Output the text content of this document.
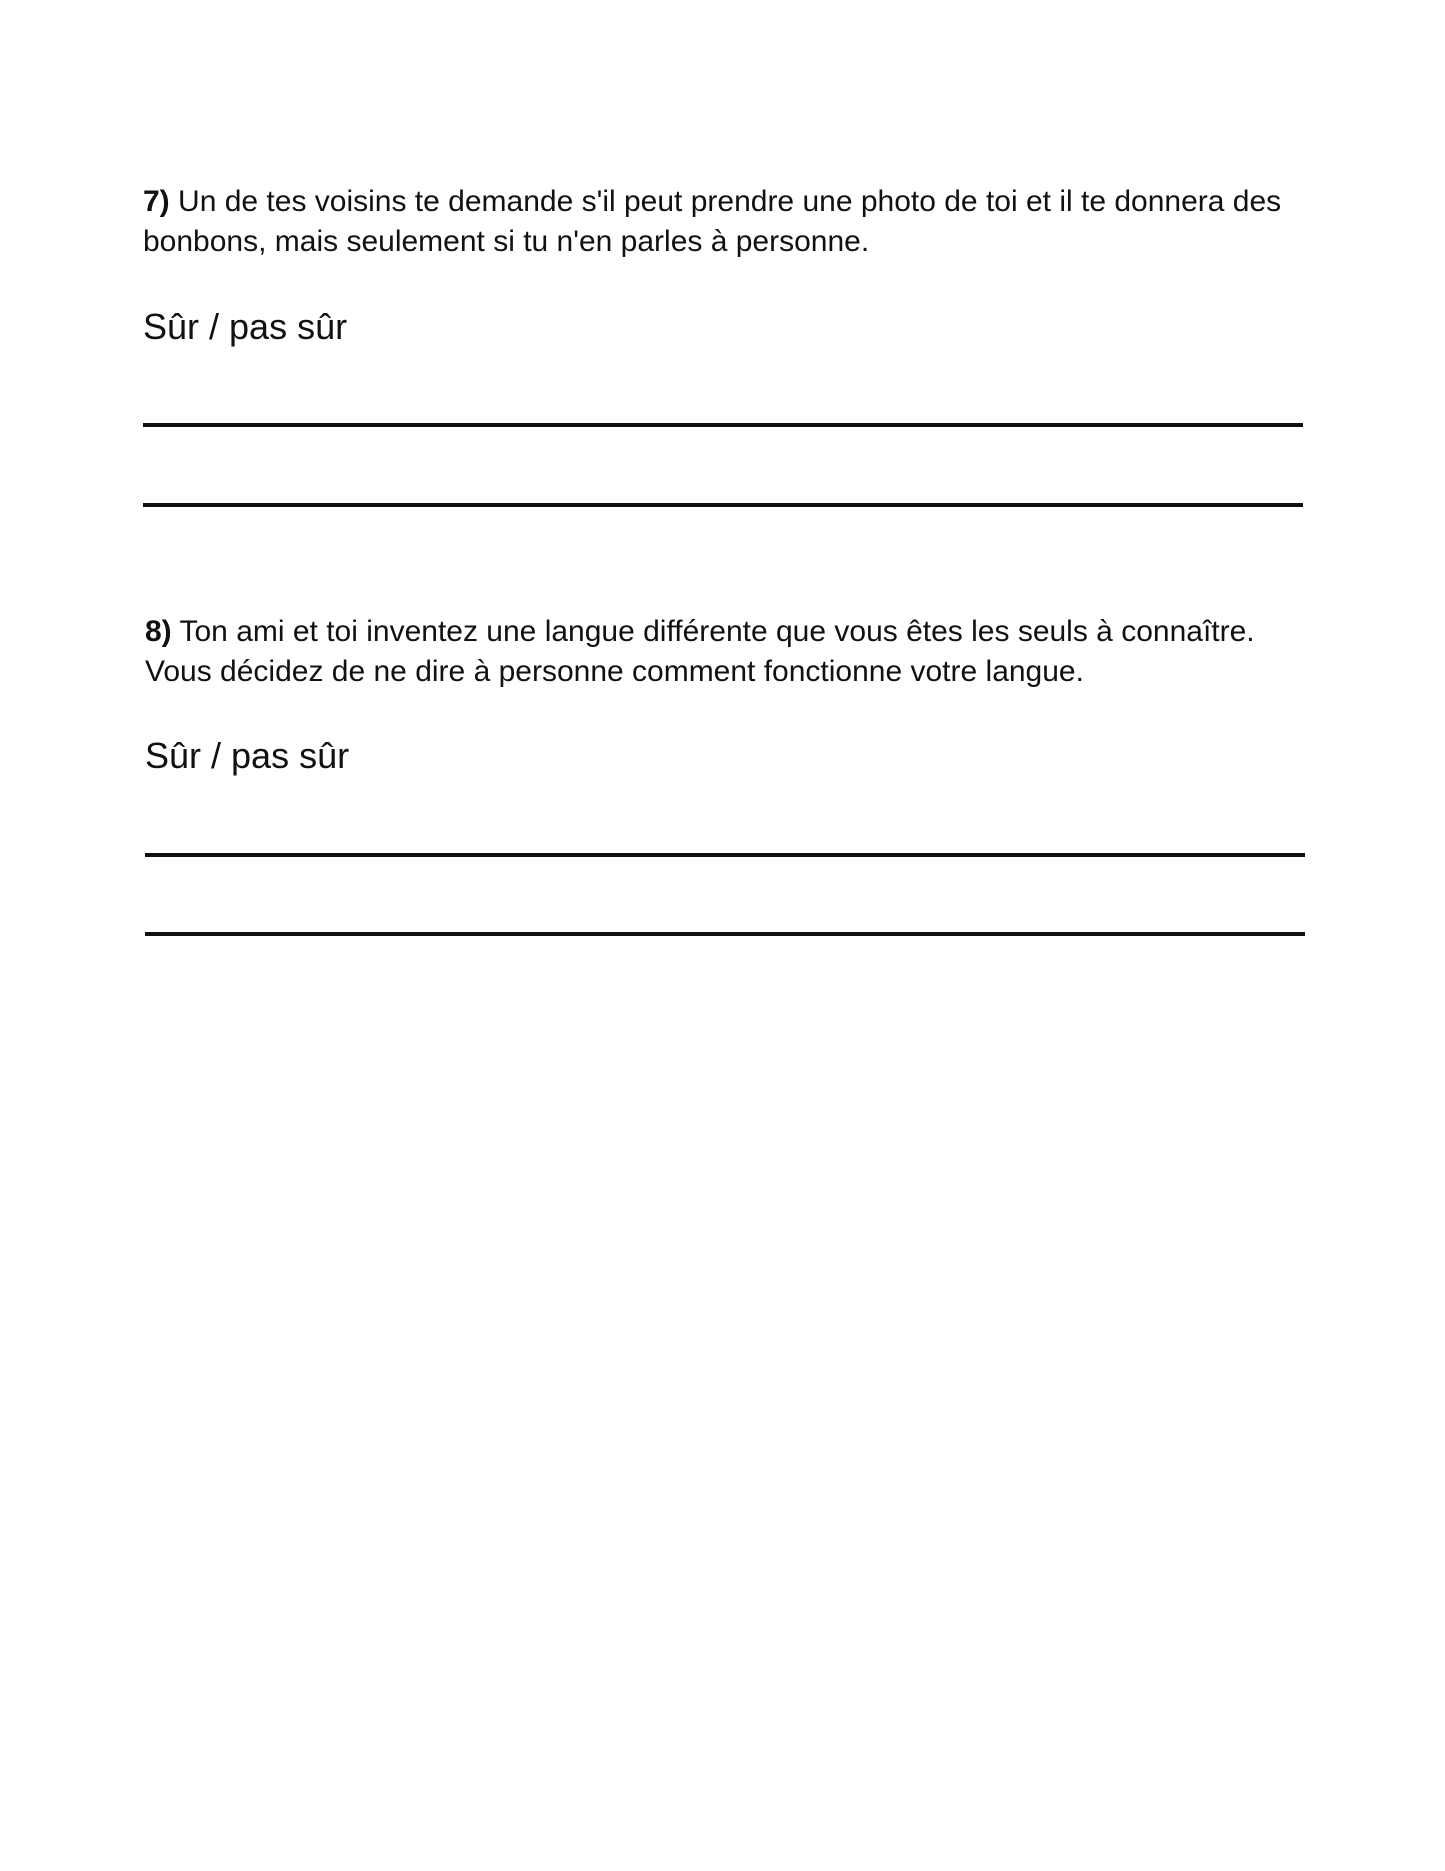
7) Un de tes voisins te demande s'il peut prendre une photo de toi et il te donnera des bonbons, mais seulement si tu n'en parles à personne.

Sûr / pas sûr

8) Ton ami et toi inventez une langue différente que vous êtes les seuls à connaître. Vous décidez de ne dire à personne comment fonctionne votre langue.

Sûr / pas sûr
